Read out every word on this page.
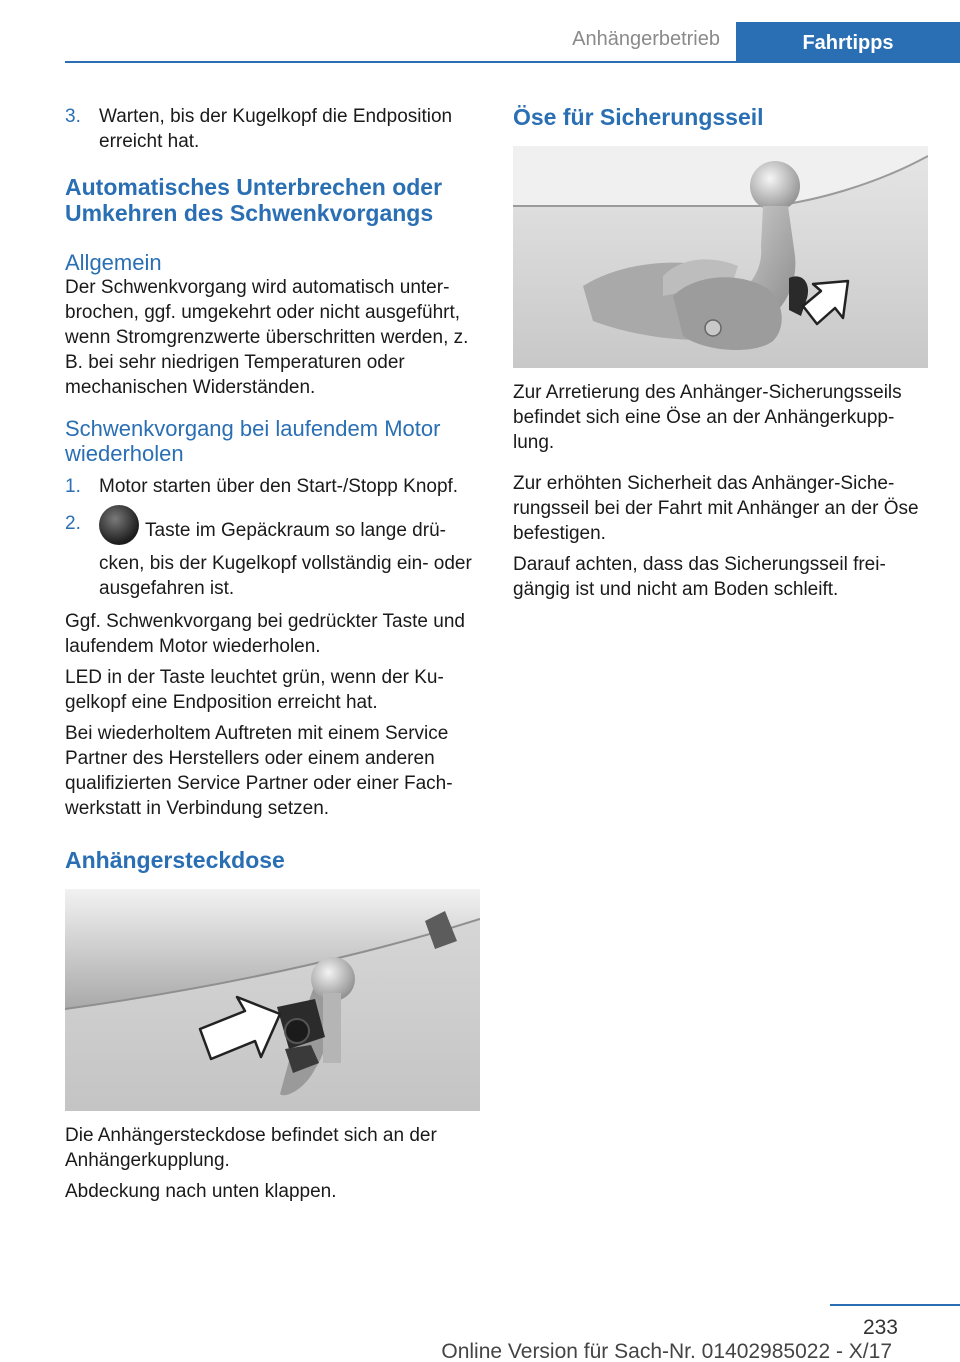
Anhängerbetrieb	Fahrtipps
3. Warten, bis der Kugelkopf die Endposition erreicht hat.
Automatisches Unterbrechen oder Umkehren des Schwenkvorgangs
Allgemein

Der Schwenkvorgang wird automatisch unterbrochen, ggf. umgekehrt oder nicht ausgeführt, wenn Stromgrenzwerte überschritten werden, z. B. bei sehr niedrigen Temperaturen oder mechanischen Widerständen.

Schwenkvorgang bei laufendem Motor wiederholen
1. Motor starten über den Start-/Stopp Knopf.
2.	Taste im Gepäckraum so lange drücken, bis der Kugelkopf vollständig ein- oder ausgefahren ist.

Ggf. Schwenkvorgang bei gedrückter Taste und laufendem Motor wiederholen.

LED in der Taste leuchtet grün, wenn der Kugelkopf eine Endposition erreicht hat.

Bei wiederholtem Auftreten mit einem Service Partner des Herstellers oder einem anderen qualifizierten Service Partner oder einer Fachwerkstatt in Verbindung setzen.

Anhängersteckdose

Die Anhängersteckdose befindet sich an der Anhängerkupplung.

Abdeckung nach unten klappen.

Öse für Sicherungsseil

Zur Arretierung des Anhänger-Sicherungsseils befindet sich eine Öse an der Anhängerkupplung.

Zur erhöhten Sicherheit das Anhänger-Sicherungsseil bei der Fahrt mit Anhänger an der Öse befestigen.

Darauf achten, dass das Sicherungsseil freigängig ist und nicht am Boden schleift.

233
Online Version für Sach-Nr. 01402985022 - X/17
